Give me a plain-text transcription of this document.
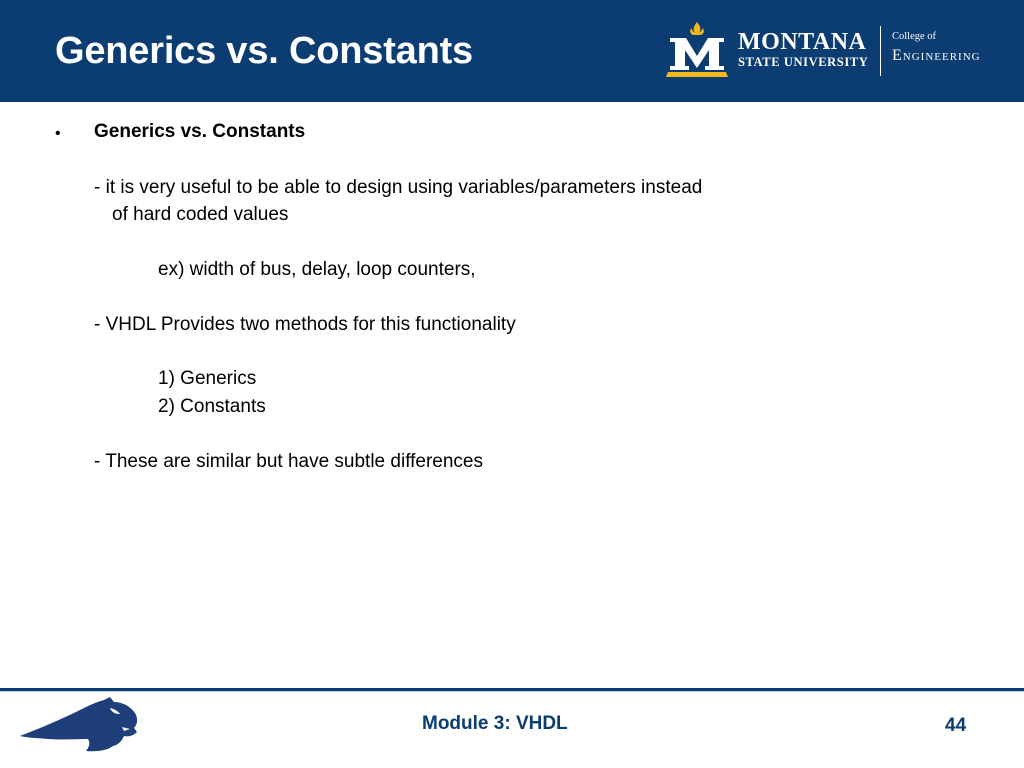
Generics vs. Constants	MONTANA
STATE UNIVERSITY
College of
Engineering
• Generics vs. Constants
- it is very useful to be able to design using variables/parameters instead
of hard coded values
ex) width of bus, delay, loop counters,
- VHDL Provides two methods for this functionality
1) Generics
2) Constants
- These are similar but have subtle differences
Module 3: VHDL	44
